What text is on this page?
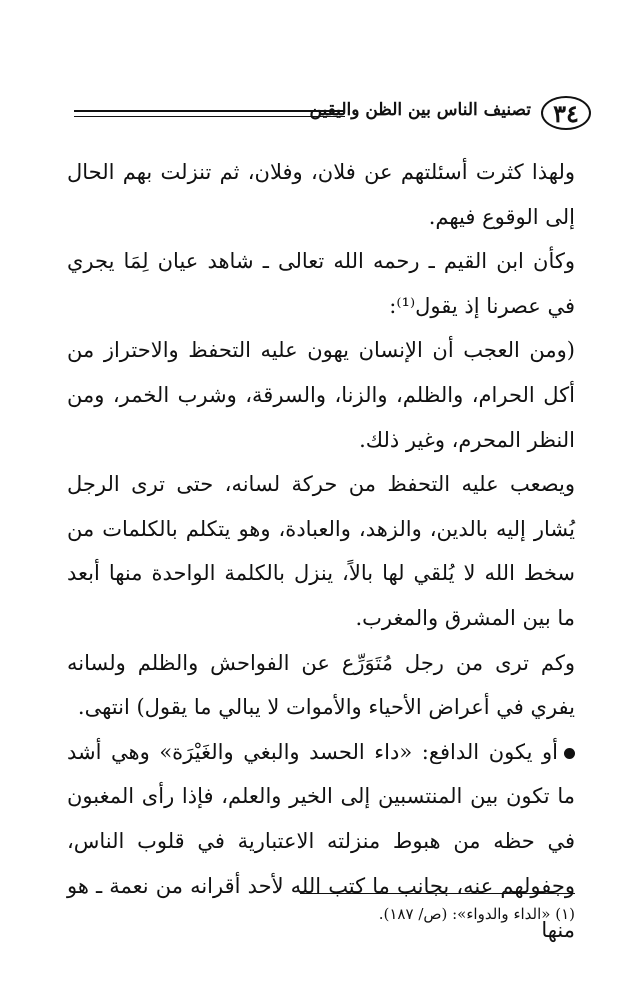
٣٤
تصنيف الناس بين الظن واليقين

ولهذا كثرت أسئلتهم عن فلان، وفلان، ثم تنزلت بهم الحال إلى الوقوع فيهم.

وكأن ابن القيم ـ رحمه الله تعالى ـ شاهد عيان لِمَا يجري في عصرنا إذ يقول⁽¹⁾:

(ومن العجب أن الإنسان يهون عليه التحفظ والاحتراز من أكل الحرام، والظلم، والزنا، والسرقة، وشرب الخمر، ومن النظر المحرم، وغير ذلك.

ويصعب عليه التحفظ من حركة لسانه، حتى ترى الرجل يُشار إليه بالدين، والزهد، والعبادة، وهو يتكلم بالكلمات من سخط الله لا يُلقي لها بالاً، ينزل بالكلمة الواحدة منها أبعد ما بين المشرق والمغرب.

وكم ترى من رجل مُتَوَرِّع عن الفواحش والظلم ولسانه يفري في أعراض الأحياء والأموات لا يبالي ما يقول) انتهى.

أو يكون الدافع: «داء الحسد والبغي والغَيْرَة» وهي أشد ما تكون بين المنتسبين إلى الخير والعلم، فإذا رأى المغبون في حظه من هبوط منزلته الاعتبارية في قلوب الناس، وجفولهم عنه، بجانب ما كتب الله لأحد أقرانه من نعمة ـ هو منها

(١) «الداء والدواء»: (ص/ ١٨٧).
